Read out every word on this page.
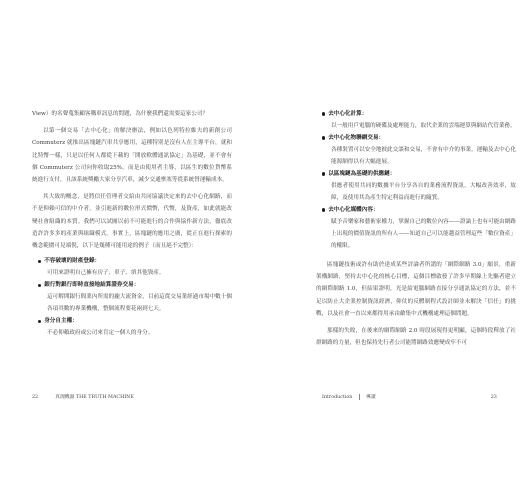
View）的名聲蒐集顧客購車訊息的問題，為什麼我們還需要這家公司？

以第一個交易「去中心化」的解決辦法，例如以色列特拉維夫的新創公司 Commuterz 就推出區塊鏈汽車共享應用，這種特別是沒有人在主導平台，就和比特幣一樣，只是以任何人都從下載的「開放軟體通訊協定」為基礎，並不會有個 Commuterz 公司向你收取25%，而是由使用者主導，以區生的數位貨幣系統進行支付，且該系統獎勵大家分享汽車，減少交通壅塞等從系統營運輸成本。

其大致的概念，是將信任管理者交給由共同協議決定來的去中心化網路，而不是仰賴可信的中介者，並引進新的數位形式價幣，代幣，及資產，如此就能改變社會組織的本質。我們可以試圖以前不可能進行的合作與協作新方法，徹底改造許許多多的產業與組織模式。事實上，區塊鏈的應用之廣，從正在進行探索的概念範圍可見端倪，以下是幾種可能用途的例子（而且絕不完整）：

不容破壞的財產登錄：
可用來證明自己擁有房子、車子、填其他資產。
銀行對銀行即時直接地結算證券交易：
這可解開銀行間業內所需的龐大流資金，目前這從交易業經過市場中數十個各項其數的專業機構，整個流程要花兩到七天。
身分自主權：
不必仰賴政府或公司來肯定一個人的身分。
22	真理機器 THE TRUTH MACHINE
去中心化計算：
以一般用戶電腦的硬碟及處理能力，取代企業的雲端運算與網站代管業務。
去中心化物聯網交易：
各種裝置可以安全地彼此交談和交易，不會有中介的事業，運輸及去中心化能源網得以有大幅進展。
以區塊鏈為基礎的供應鏈：
供應者使用共同的數據平台分享各自的業務流程資訊，大幅改善效率，故障，及使用其為產生特定利益而進行的隨質。
去中心化媒體內容：
賦予音樂家和藝術家權力，掌握自己的數位內容——證論上也有可能由網路上出現的價值資訊的所有人——知道自己可以能越益管理這些「數位資產」的權限。

區塊鏈技術或許有助於達成某些評論者所謂的「網際網路 3.0」願景，重新架構網路，堅持去中心化的核心目標，這個目標啟發了許多早期線上先驅者建立的網際網路 1.0，但結果證明，光是給電腦網路直接分享通訊協定的方法，並不足以防止大企業控制資訊經濟，仰仗的反體制程式設計師並未解決「信任」的挑戰，以及社會一直以來都得用承由敵集中式機構處理這個問題。

那樣的失敗，在後來的網際網路 2.0 時段展現得更明顯，這個時段釋放了社群網路的力量，但也保持先行者公司能將網路效應變成牢不可

Introduction	導讀	23
